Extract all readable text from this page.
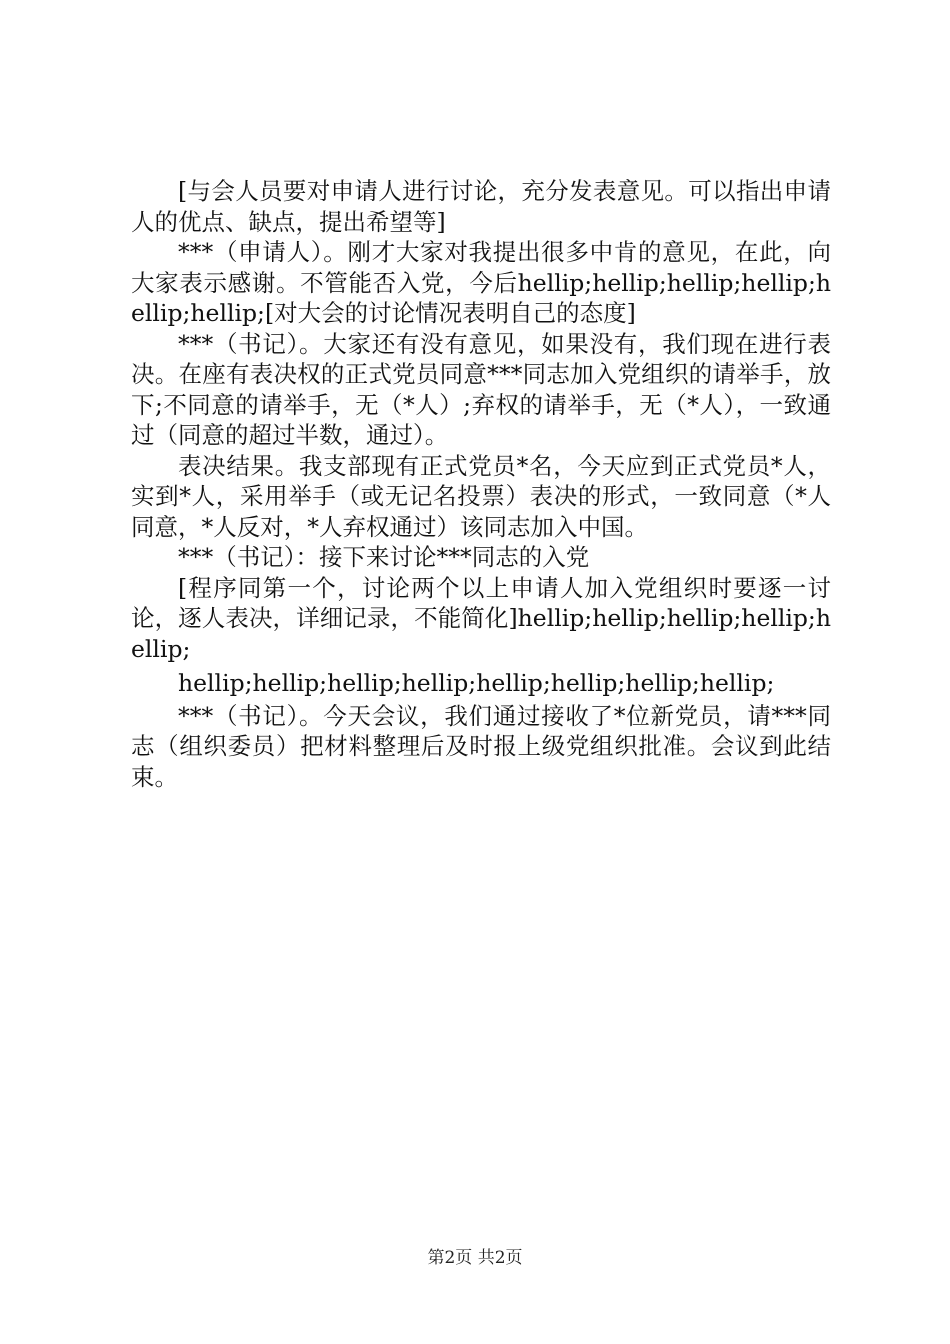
[与会人员要对申请人进行讨论，充分发表意见。可以指出申请人的优点、缺点，提出希望等]

***（申请人）。刚才大家对我提出很多中肯的意见，在此，向大家表示感谢。不管能否入党，今后hellip;hellip;hellip;hellip;hellip;hellip;[对大会的讨论情况表明自己的态度]

***（书记）。大家还有没有意见，如果没有，我们现在进行表决。在座有表决权的正式党员同意***同志加入党组织的请举手，放下;不同意的请举手，无（*人）;弃权的请举手，无（*人），一致通过（同意的超过半数，通过）。

表决结果。我支部现有正式党员*名，今天应到正式党员*人，实到*人，采用举手（或无记名投票）表决的形式，一致同意（*人同意，*人反对，*人弃权通过）该同志加入中国。

***（书记）：接下来讨论***同志的入党

[程序同第一个，讨论两个以上申请人加入党组织时要逐一讨论，逐人表决，详细记录，不能简化]hellip;hellip;hellip;hellip;hellip;

hellip;hellip;hellip;hellip;hellip;hellip;hellip;hellip;

***（书记）。今天会议，我们通过接收了*位新党员，请***同志（组织委员）把材料整理后及时报上级党组织批准。会议到此结束。

第2页 共2页
